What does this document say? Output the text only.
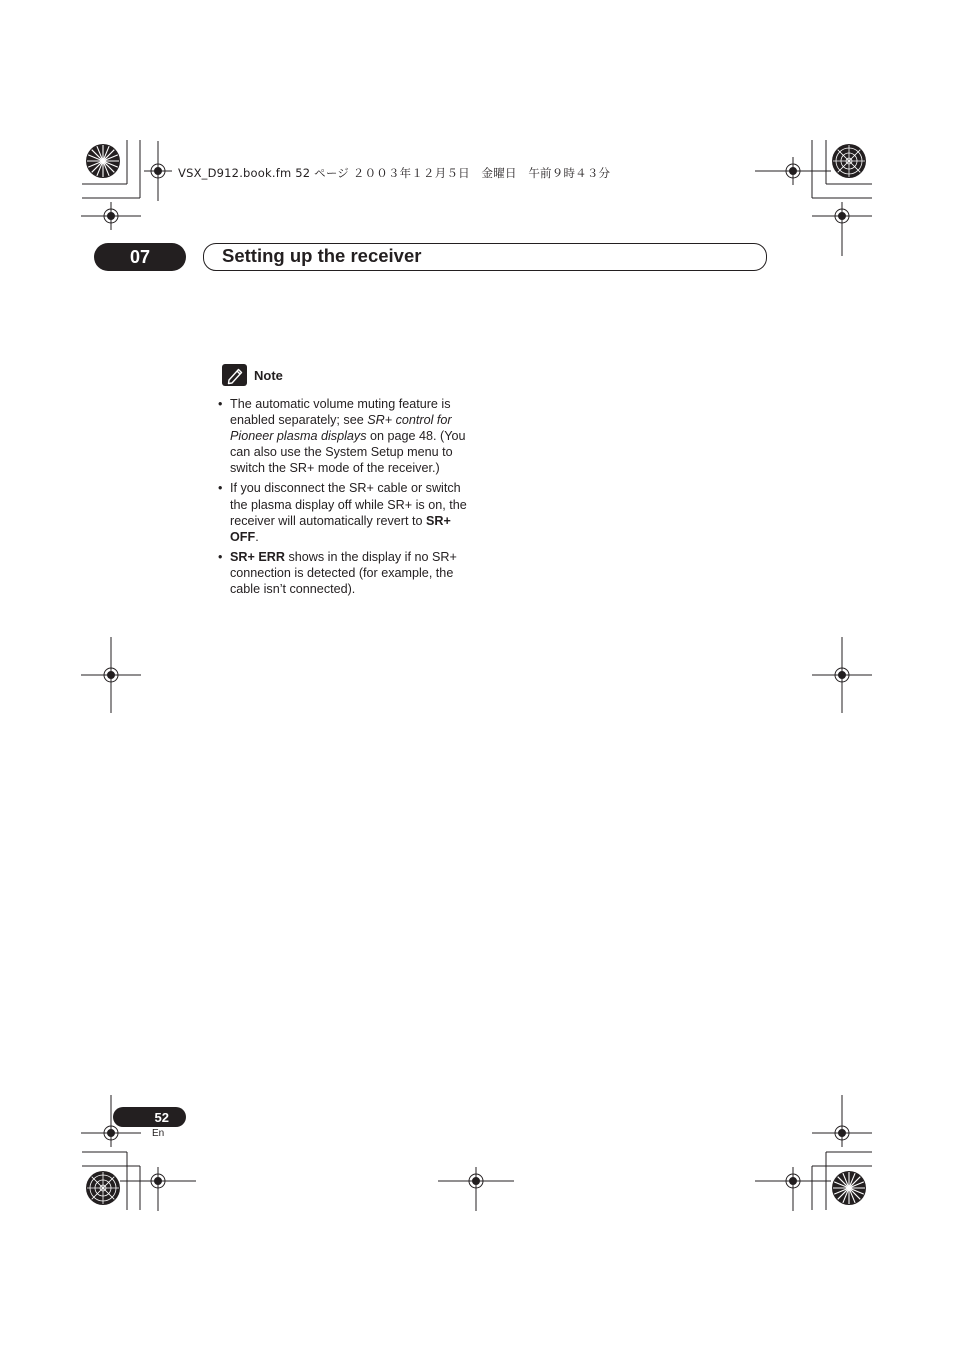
VSX_D912.book.fm 52 ページ ２００３年１２月５日　金曜日　午前９時４３分
07	Setting up the receiver
Note
• The automatic volume muting feature is enabled separately; see SR+ control for Pioneer plasma displays on page 48. (You can also use the System Setup menu to switch the SR+ mode of the receiver.)
• If you disconnect the SR+ cable or switch the plasma display off while SR+ is on, the receiver will automatically revert to SR+ OFF.
• SR+ ERR shows in the display if no SR+ connection is detected (for example, the cable isn’t connected).
52
En
